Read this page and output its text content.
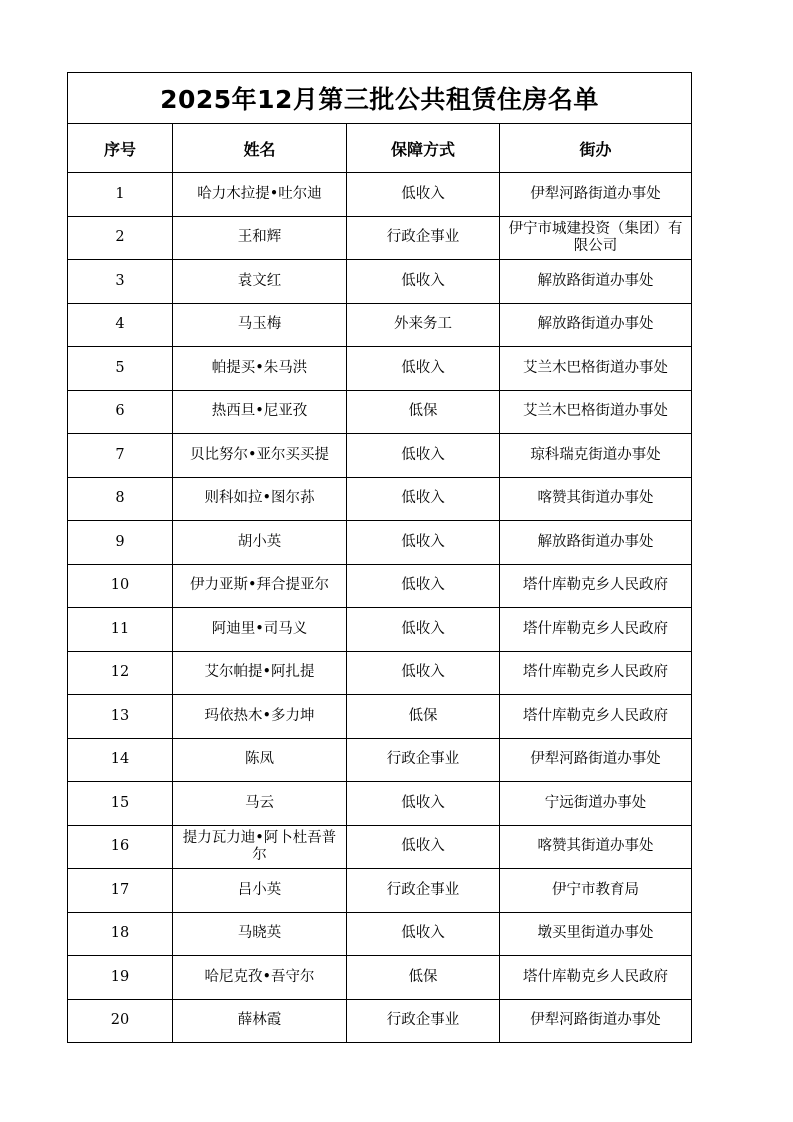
2025年12月第三批公共租赁住房名单			
序号	姓名	保障方式	街办
1	哈力木拉提•吐尔迪	低收入	伊犁河路街道办事处
2	王和辉	行政企事业	伊宁市城建投资（集团）有限公司
3	袁文红	低收入	解放路街道办事处
4	马玉梅	外来务工	解放路街道办事处
5	帕提买•朱马洪	低收入	艾兰木巴格街道办事处
6	热西旦•尼亚孜	低保	艾兰木巴格街道办事处
7	贝比努尔•亚尔买买提	低收入	琼科瑞克街道办事处
8	则科如拉•图尔荪	低收入	喀赞其街道办事处
9	胡小英	低收入	解放路街道办事处
10	伊力亚斯•拜合提亚尔	低收入	塔什库勒克乡人民政府
11	阿迪里•司马义	低收入	塔什库勒克乡人民政府
12	艾尔帕提•阿扎提	低收入	塔什库勒克乡人民政府
13	玛依热木•多力坤	低保	塔什库勒克乡人民政府
14	陈凤	行政企事业	伊犁河路街道办事处
15	马云	低收入	宁远街道办事处
16	提力瓦力迪•阿卜杜吾普尔	低收入	喀赞其街道办事处
17	吕小英	行政企事业	伊宁市教育局
18	马晓英	低收入	墩买里街道办事处
19	哈尼克孜•吾守尔	低保	塔什库勒克乡人民政府
20	薛林霞	行政企事业	伊犁河路街道办事处
